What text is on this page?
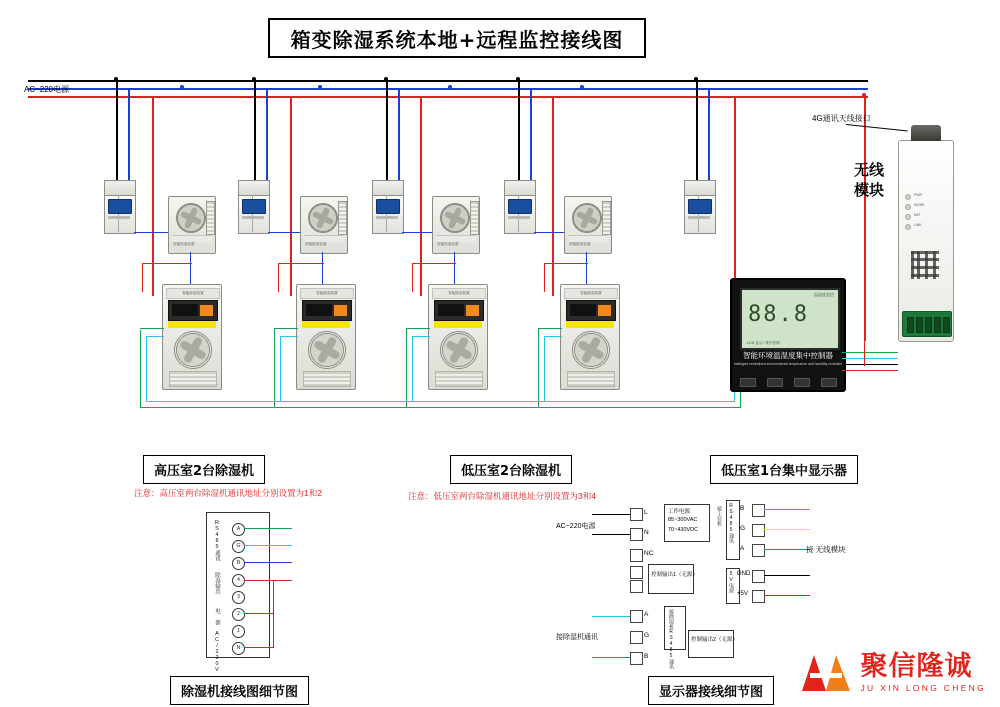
箱变除湿系统本地+远程监控接线图
AC~220电源
4G通讯天线接口
智能除湿装置	智能除湿装置	智能除湿装置	智能除湿装置
智能除湿装置	智能除湿装置	智能除湿装置	智能除湿装置	温湿度监控
88.8
LCD 显示 / 集中控制
智能环境温湿度集中控制器
Intelligent centralized environmental temperature and humidity controller
PWR
WORK
NET
LINK
无线模块
高压室2台除湿机
注意：高压室两台除湿机通讯地址分别设置为1和2
低压室2台除湿机
注意：低压室两台除湿机通讯地址分别设置为3和4
低压室1台集中显示器
A
G
B
4
3
2
1
N
RS485通讯
除湿输出
电 源 AC/220V
除湿机接线图细节图
AC~220电源
L
N
NC
工作电源
85~300VAC
70~430VDC
控制输出1（无源）
A
G
B	接除湿机RS485通讯
接除湿机通讯	控制输出2（无源）
B
G
A
RS485通讯
接上位机
接 无线模块
5V电源 GND
+5V
显示器接线细节图
聚信隆诚
JU XIN LONG CHENG
